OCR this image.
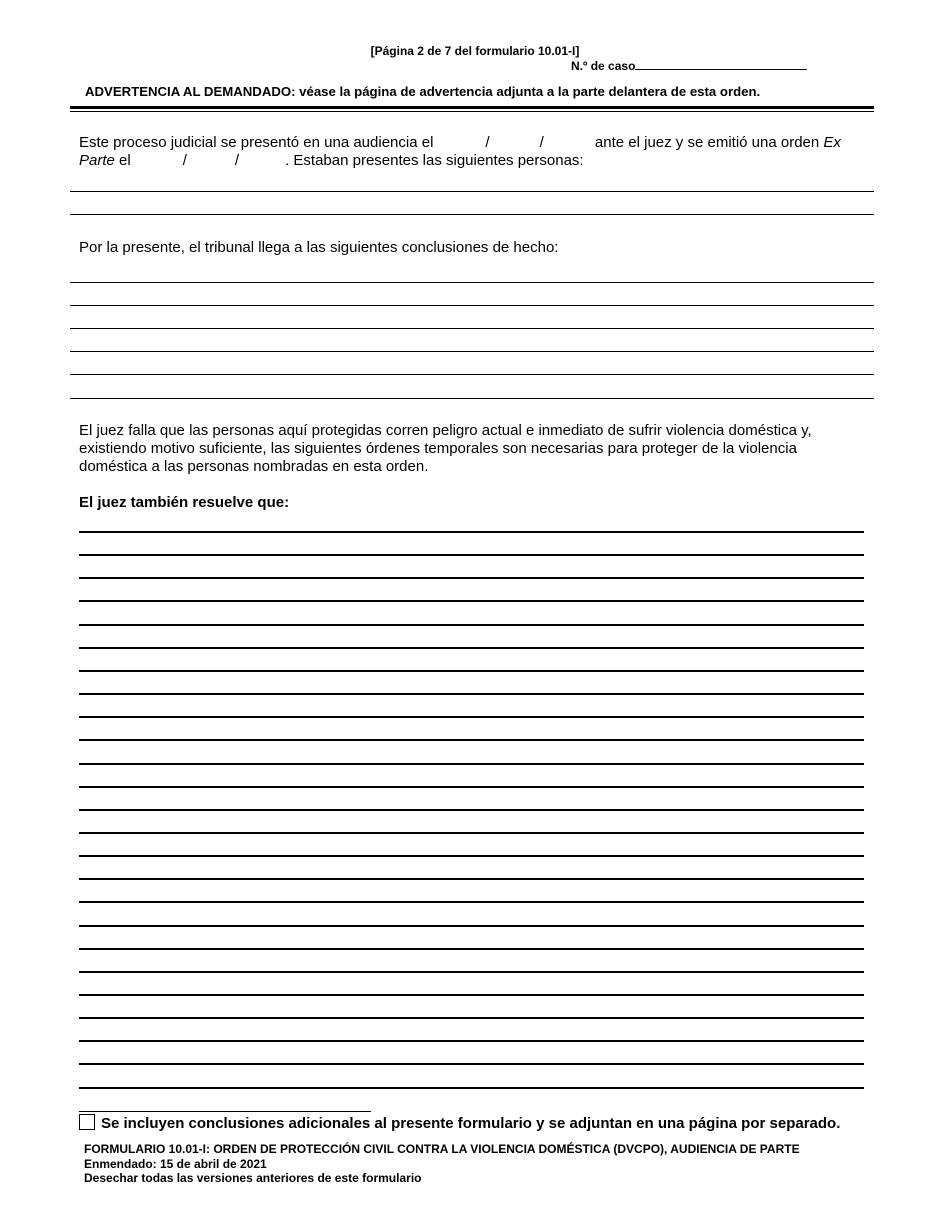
[Página 2 de 7 del formulario 10.01-I]
N.º de caso
ADVERTENCIA AL DEMANDADO: véase la página de advertencia adjunta a la parte delantera de esta orden.
Este proceso judicial se presentó en una audiencia el	/	/	ante el juez y se emitió una orden Ex Parte el	/	/	. Estaban presentes las siguientes personas:
Por la presente, el tribunal llega a las siguientes conclusiones de hecho:
El juez falla que las personas aquí protegidas corren peligro actual e inmediato de sufrir violencia doméstica y, existiendo motivo suficiente, las siguientes órdenes temporales son necesarias para proteger de la violencia doméstica a las personas nombradas en esta orden.
El juez también resuelve que:
Se incluyen conclusiones adicionales al presente formulario y se adjuntan en una página por separado.
FORMULARIO 10.01-I: ORDEN DE PROTECCIÓN CIVIL CONTRA LA VIOLENCIA DOMÉSTICA (DVCPO), AUDIENCIA DE PARTE
Enmendado: 15 de abril de 2021
Desechar todas las versiones anteriores de este formulario
